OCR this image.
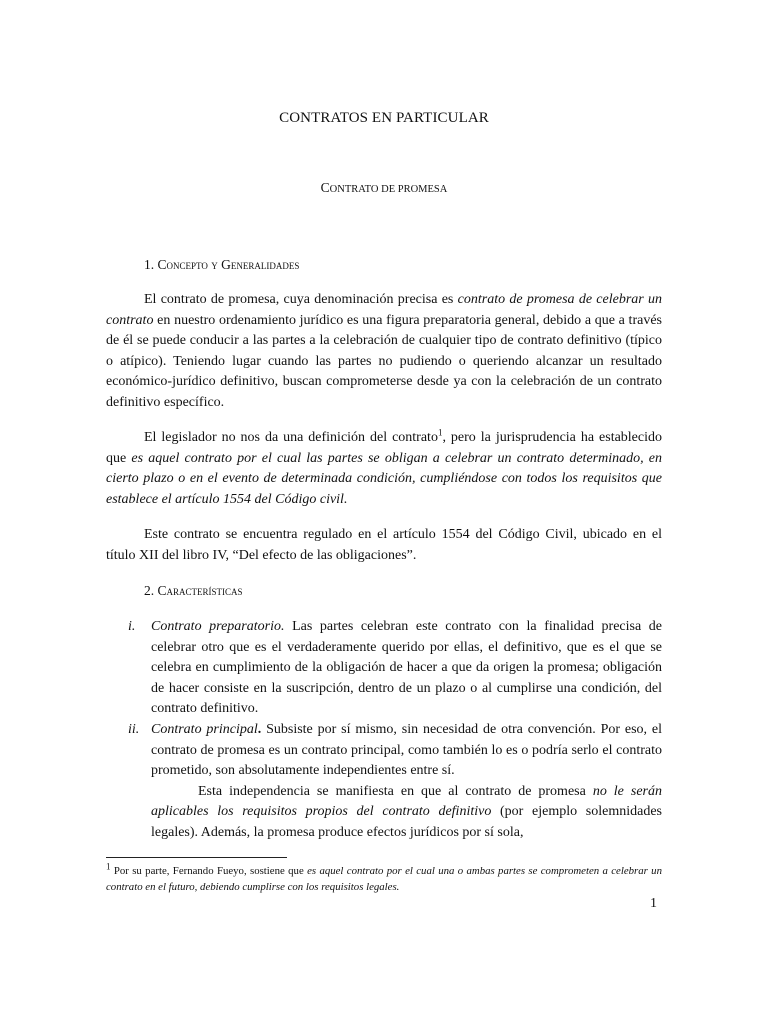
CONTRATOS EN PARTICULAR
CONTRATO DE PROMESA
1. Concepto y Generalidades

El contrato de promesa, cuya denominación precisa es contrato de promesa de celebrar un contrato en nuestro ordenamiento jurídico es una figura preparatoria general, debido a que a través de él se puede conducir a las partes a la celebración de cualquier tipo de contrato definitivo (típico o atípico). Teniendo lugar cuando las partes no pudiendo o queriendo alcanzar un resultado económico-jurídico definitivo, buscan comprometerse desde ya con la celebración de un contrato definitivo específico.

El legislador no nos da una definición del contrato$^1$, pero la jurisprudencia ha establecido que es aquel contrato por el cual las partes se obligan a celebrar un contrato determinado, en cierto plazo o en el evento de determinada condición, cumpliéndose con todos los requisitos que establece el artículo 1554 del Código civil.

Este contrato se encuentra regulado en el artículo 1554 del Código Civil, ubicado en el título XII del libro IV, “Del efecto de las obligaciones”.

2. Características
i. Contrato preparatorio. Las partes celebran este contrato con la finalidad precisa de celebrar otro que es el verdaderamente querido por ellas, el definitivo, que es el que se celebra en cumplimiento de la obligación de hacer a que da origen la promesa; obligación de hacer consiste en la suscripción, dentro de un plazo o al cumplirse una condición, del contrato definitivo.
ii. Contrato principal. Subsiste por sí mismo, sin necesidad de otra convención. Por eso, el contrato de promesa es un contrato principal, como también lo es o podría serlo el contrato prometido, son absolutamente independientes entre sí.

Esta independencia se manifiesta en que al contrato de promesa no le serán aplicables los requisitos propios del contrato definitivo (por ejemplo solemnidades legales). Además, la promesa produce efectos jurídicos por sí sola,

$^1$ Por su parte, Fernando Fueyo, sostiene que es aquel contrato por el cual una o ambas partes se comprometen a celebrar un contrato en el futuro, debiendo cumplirse con los requisitos legales.
1
